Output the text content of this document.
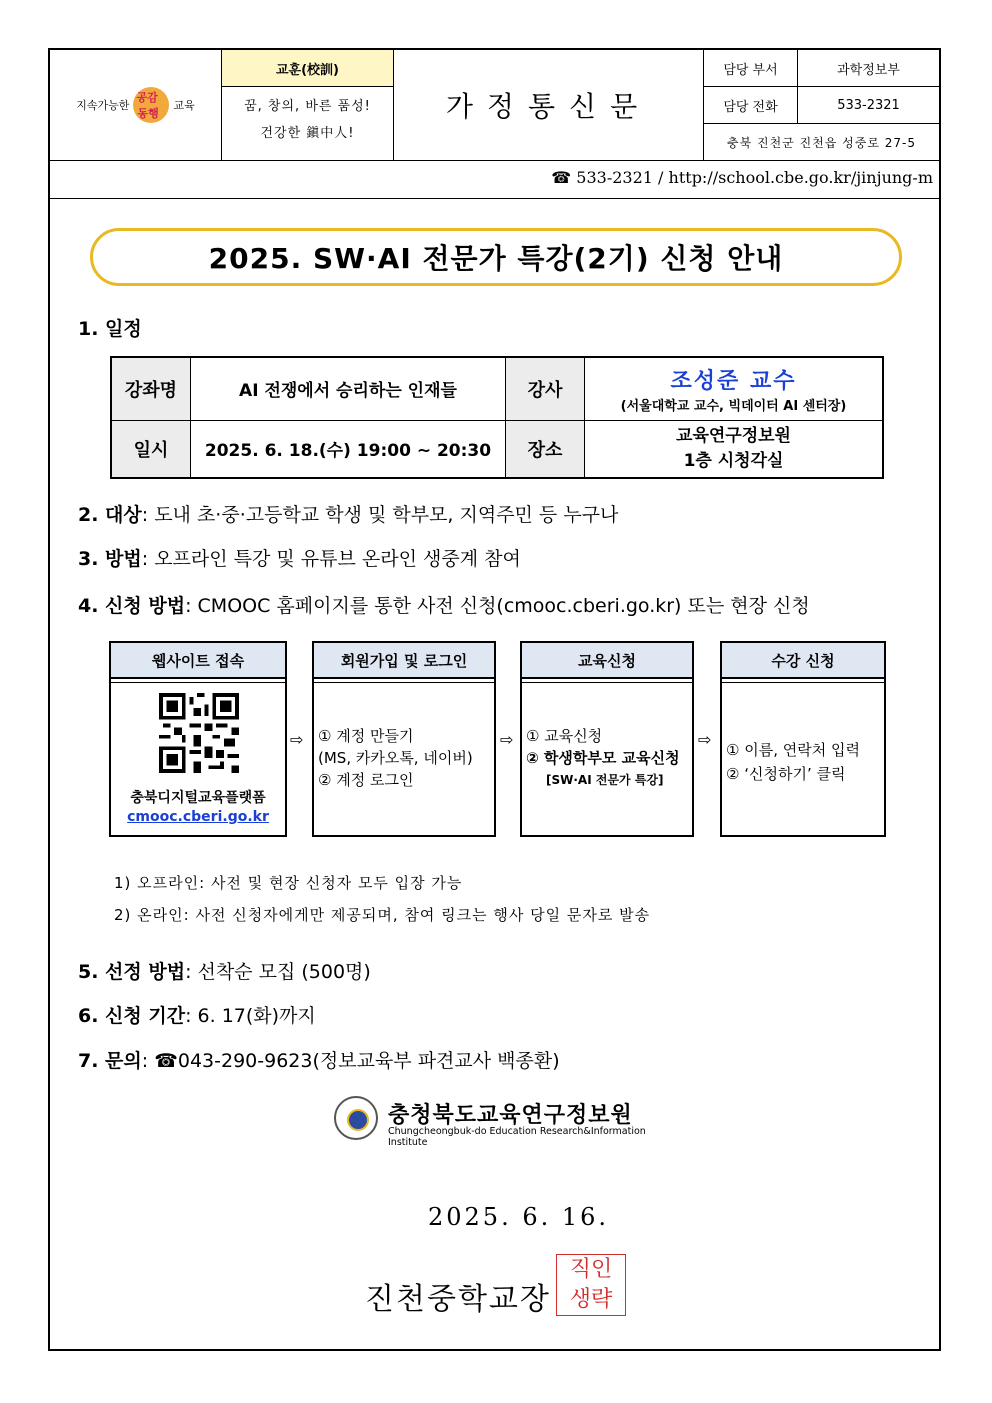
지속가능한
공감
동행
교육
교훈(校訓)
꿈, 창의, 바른 품성!
건강한 鎭中人!
가정통신문
담당 부서	과학정보부
담당 전화	533-2321
충북 진천군 진천읍 성중로 27-5
☎ 533-2321 / http://school.cbe.go.kr/jinjung-m
2025. SW·AI 전문가 특강(2기) 신청 안내
1. 일정
강좌명	AI 전쟁에서 승리하는 인재들	강사	조성준 교수
(서울대학교 교수, 빅데이터 AI 센터장)

일시	2025. 6. 18.(수) 19:00 ~ 20:30	장소	교육연구정보원
1층 시청각실
2. 대상: 도내 초·중·고등학교 학생 및 학부모, 지역주민 등 누구나
3. 방법: 오프라인 특강 및 유튜브 온라인 생중계 참여
4. 신청 방법: CMOOC 홈페이지를 통한 사전 신청(cmooc.cberi.go.kr) 또는 현장 신청
웹사이트 접속
충북디지털교육플랫폼
cmooc.cberi.go.kr
⇨
회원가입 및 로그인
① 계정 만들기
(MS, 카카오톡, 네이버)
② 계정 로그인
⇨
교육신청
① 교육신청
② 학생학부모 교육신청
[SW·AI 전문가 특강]
⇨
수강 신청
① 이름, 연락처 입력
② ‘신청하기’ 클릭
1) 오프라인: 사전 및 현장 신청자 모두 입장 가능
2) 온라인: 사전 신청자에게만 제공되며, 참여 링크는 행사 당일 문자로 발송
5. 선정 방법: 선착순 모집 (500명)
6. 신청 기간: 6. 17(화)까지
7. 문의: ☎043-290-9623(정보교육부 파견교사 백종환)
충청북도교육연구정보원
Chungcheongbuk-do Education Research&Information Institute
2025. 6. 16.
진천중학교장
직인
생략
